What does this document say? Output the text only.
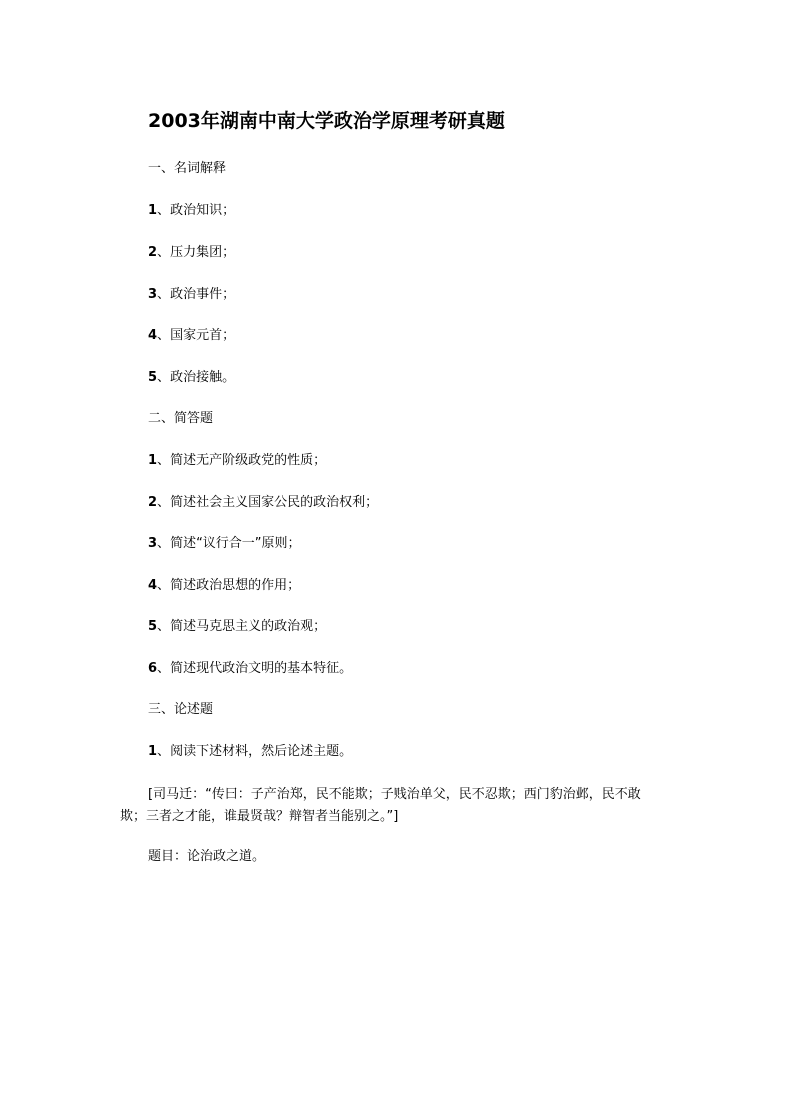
2003年湖南中南大学政治学原理考研真题
一、名词解释
1、政治知识；
2、压力集团；
3、政治事件；
4、国家元首；
5、政治接触。
二、简答题
1、简述无产阶级政党的性质；
2、简述社会主义国家公民的政治权利；
3、简述“议行合一”原则；
4、简述政治思想的作用；
5、简述马克思主义的政治观；
6、简述现代政治文明的基本特征。
三、论述题
1、阅读下述材料，然后论述主题。
[司马迁：“传曰：子产治郑，民不能欺；子贱治单父，民不忍欺；西门豹治邺，民不敢欺；三者之才能，谁最贤哉？辩智者当能别之。”]
题目：论治政之道。
